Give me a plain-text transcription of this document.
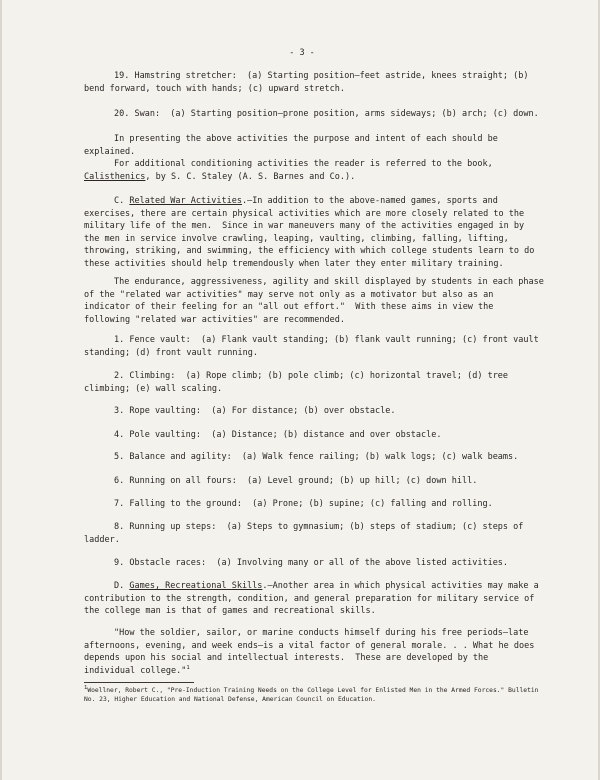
- 3 -

19. Hamstring stretcher:  (a) Starting position—feet astride, knees straight; (b) bend forward, touch with hands; (c) upward stretch.

20. Swan:  (a) Starting position—prone position, arms sideways; (b) arch; (c) down.

In presenting the above activities the purpose and intent of each should be explained.

For additional conditioning activities the reader is referred to the book, Calisthenics, by S. C. Staley (A. S. Barnes and Co.).

C. Related War Activities.—In addition to the above-named games, sports and exercises, there are certain physical activities which are more closely related to the military life of the men.  Since in war maneuvers many of the activities engaged in by the men in service involve crawling, leaping, vaulting, climbing, falling, lifting, throwing, striking, and swimming, the efficiency with which college students learn to do these activities should help tremendously when later they enter military training.

The endurance, aggressiveness, agility and skill displayed by students in each phase of the "related war activities" may serve not only as a motivator but also as an indicator of their feeling for an "all out effort."  With these aims in view the following "related war activities" are recommended.

1. Fence vault:  (a) Flank vault standing; (b) flank vault running; (c) front vault standing; (d) front vault running.

2. Climbing:  (a) Rope climb; (b) pole climb; (c) horizontal travel; (d) tree climbing; (e) wall scaling.

3. Rope vaulting:  (a) For distance; (b) over obstacle.

4. Pole vaulting:  (a) Distance; (b) distance and over obstacle.

5. Balance and agility:  (a) Walk fence railing; (b) walk logs; (c) walk beams.

6. Running on all fours:  (a) Level ground; (b) up hill; (c) down hill.

7. Falling to the ground:  (a) Prone; (b) supine; (c) falling and rolling.

8. Running up steps:  (a) Steps to gymnasium; (b) steps of stadium; (c) steps of ladder.

9. Obstacle races:  (a) Involving many or all of the above listed activities.

D. Games, Recreational Skills.—Another area in which physical activities may make a contribution to the strength, condition, and general preparation for military service of the college man is that of games and recreational skills.

"How the soldier, sailor, or marine conducts himself during his free periods—late afternoons, evening, and week ends—is a vital factor of general morale. . . What he does depends upon his social and intellectual interests.  These are developed by the individual college."$^1$

$^1$Woellner, Robert C., "Pre-Induction Training Needs on the College Level for Enlisted Men in the Armed Forces." Bulletin No. 23, Higher Education and National Defense, American Council on Education.
